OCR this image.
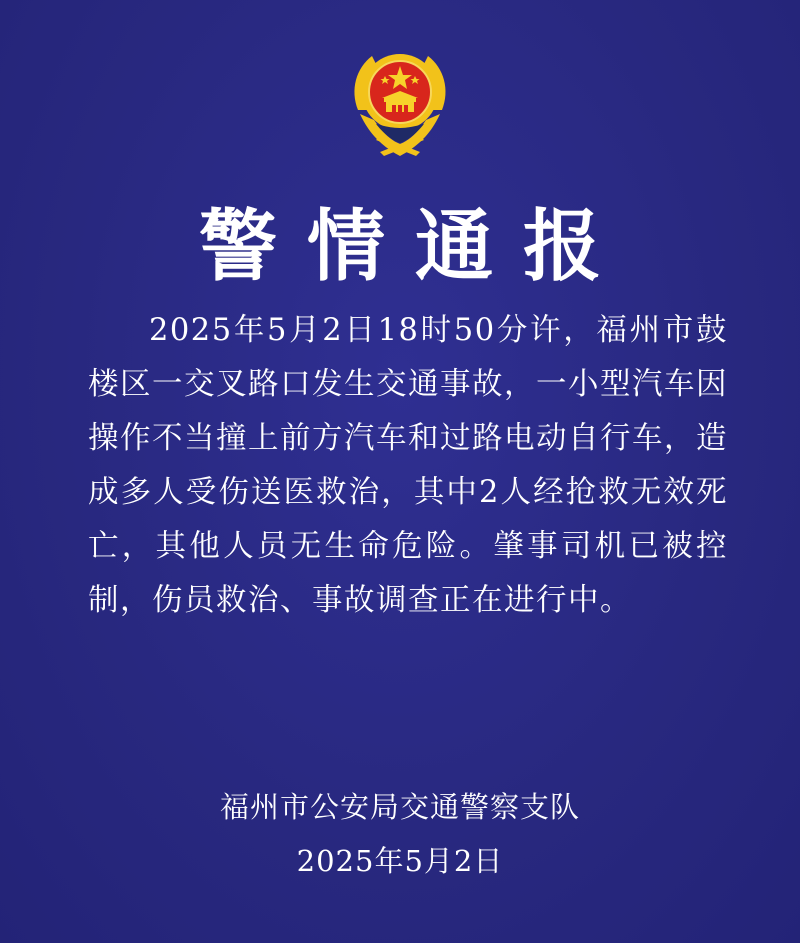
警情通报

2025年5月2日18时50分许，福州市鼓楼区一交叉路口发生交通事故，一小型汽车因操作不当撞上前方汽车和过路电动自行车，造成多人受伤送医救治，其中2人经抢救无效死亡，其他人员无生命危险。肇事司机已被控制，伤员救治、事故调查正在进行中。

福州市公安局交通警察支队
2025年5月2日
